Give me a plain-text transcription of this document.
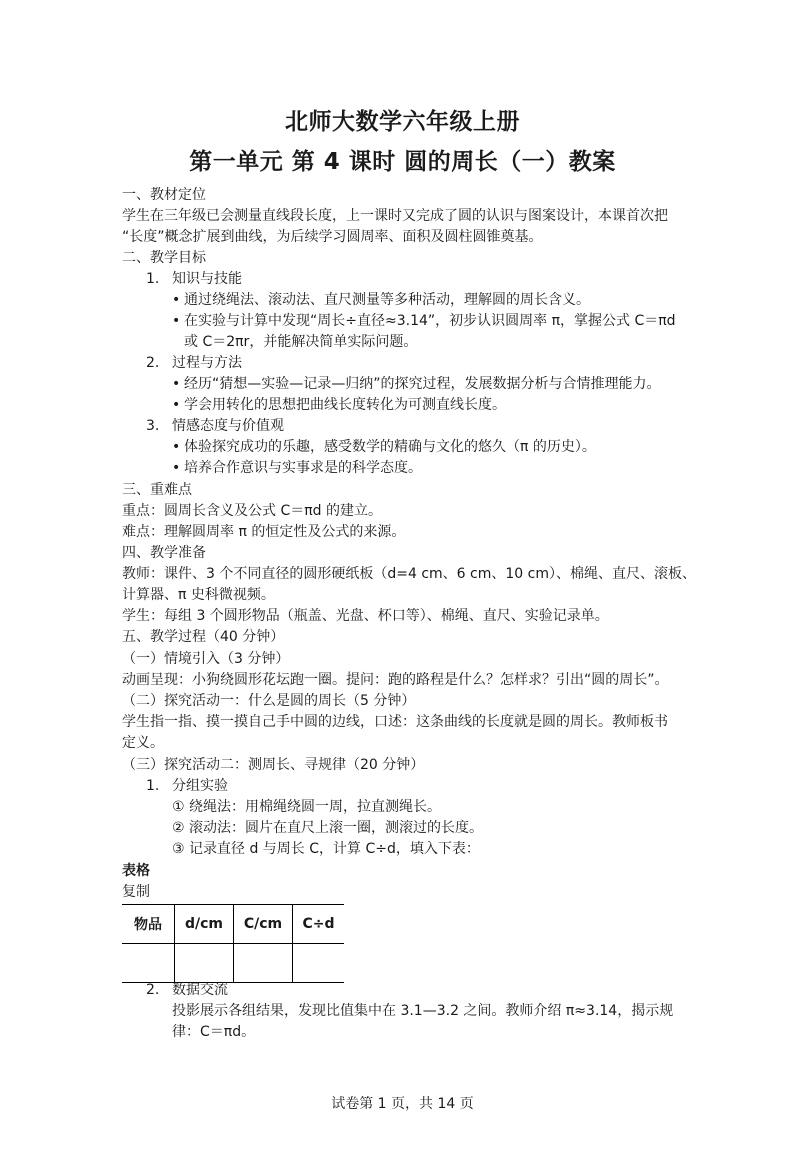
北师大数学六年级上册
第一单元 第 4 课时 圆的周长（一）教案
一、教材定位
学生在三年级已会测量直线段长度，上一课时又完成了圆的认识与图案设计，本课首次把
“长度”概念扩展到曲线，为后续学习圆周率、面积及圆柱圆锥奠基。
二、教学目标
1. 知识与技能
• 通过绕绳法、滚动法、直尺测量等多种活动，理解圆的周长含义。
• 在实验与计算中发现“周长÷直径≈3.14”，初步认识圆周率 π，掌握公式 C＝πd
或 C＝2πr，并能解决简单实际问题。
2. 过程与方法
• 经历“猜想—实验—记录—归纳”的探究过程，发展数据分析与合情推理能力。
• 学会用转化的思想把曲线长度转化为可测直线长度。
3. 情感态度与价值观
• 体验探究成功的乐趣，感受数学的精确与文化的悠久（π 的历史）。
• 培养合作意识与实事求是的科学态度。
三、重难点
重点：圆周长含义及公式 C＝πd 的建立。
难点：理解圆周率 π 的恒定性及公式的来源。
四、教学准备
教师：课件、3 个不同直径的圆形硬纸板（d=4 cm、6 cm、10 cm）、棉绳、直尺、滚板、
计算器、π 史科微视频。
学生：每组 3 个圆形物品（瓶盖、光盘、杯口等）、棉绳、直尺、实验记录单。
五、教学过程（40 分钟）
（一）情境引入（3 分钟）
动画呈现：小狗绕圆形花坛跑一圈。提问：跑的路程是什么？怎样求？引出“圆的周长”。
（二）探究活动一：什么是圆的周长（5 分钟）
学生指一指、摸一摸自己手中圆的边线，口述：这条曲线的长度就是圆的周长。教师板书
定义。
（三）探究活动二：测周长、寻规律（20 分钟）
1. 分组实验
① 绕绳法：用棉绳绕圆一周，拉直测绳长。
② 滚动法：圆片在直尺上滚一圈，测滚过的长度。
③ 记录直径 d 与周长 C，计算 C÷d，填入下表：
表格
复制
物品	d/cm	C/cm	C÷d

2. 数据交流
投影展示各组结果，发现比值集中在 3.1—3.2 之间。教师介绍 π≈3.14，揭示规
律：C＝πd。
试卷第 1 页，共 14 页
